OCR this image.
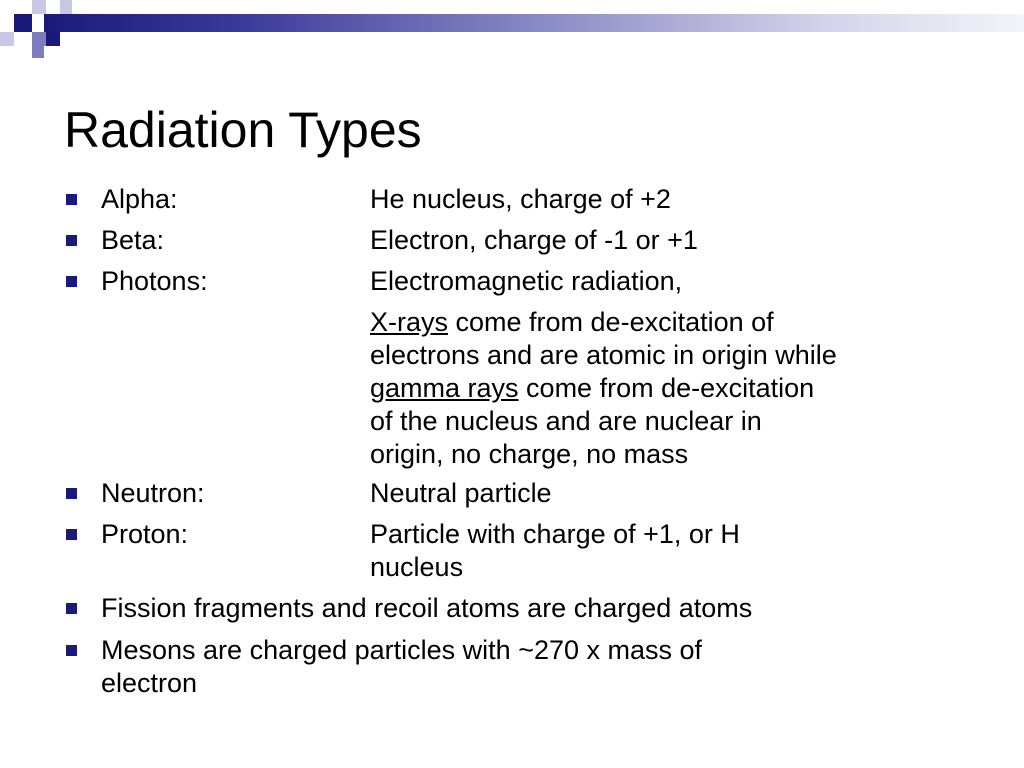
Radiation Types
Alpha:	He nucleus, charge of +2
Beta:	Electron, charge of -1 or +1
Photons:	Electromagnetic radiation,
X-rays come from de-excitation of
electrons and are atomic in origin while
gamma rays come from de-excitation
of the nucleus and are nuclear in
origin, no charge, no mass
Neutron:	Neutral particle
Proton:	Particle with charge of +1, or H
nucleus
Fission fragments and recoil atoms are charged atoms
Mesons are charged particles with ~270 x mass of
electron
